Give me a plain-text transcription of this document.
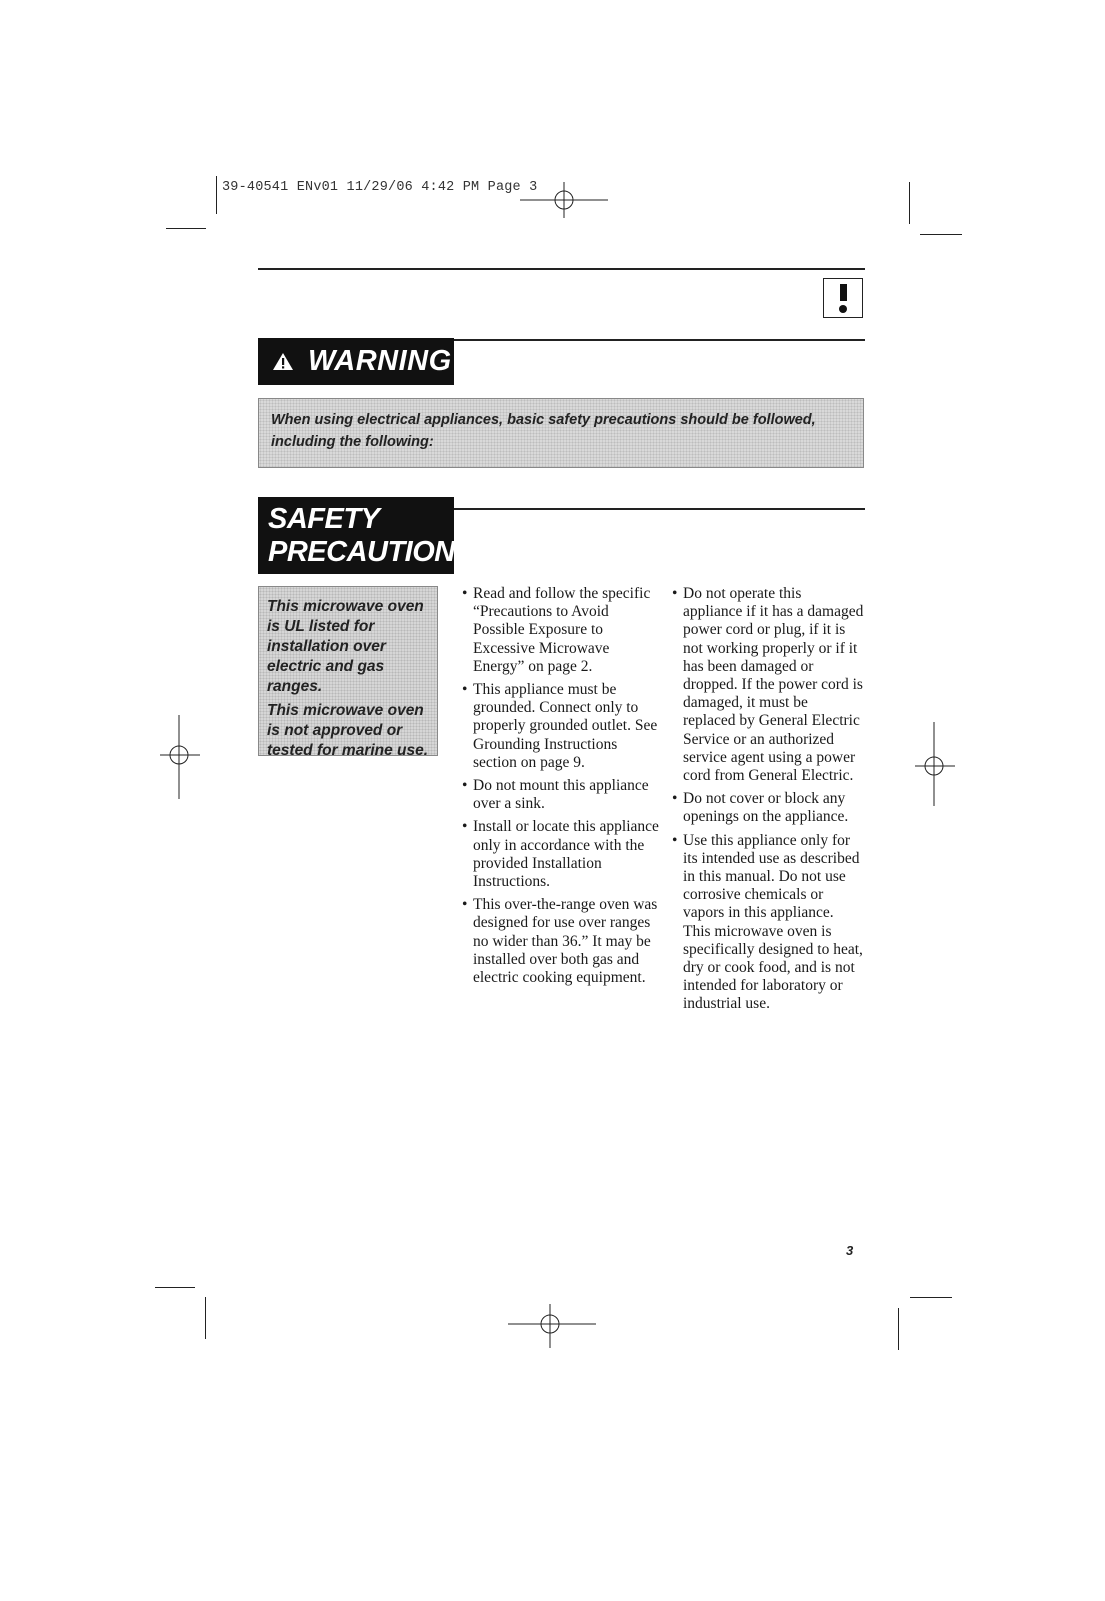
39-40541 ENv01 11/29/06 4:42 PM Page 3
WARNING
When using electrical appliances, basic safety precautions should be followed, including the following:
SAFETY
PRECAUTIONS

This microwave oven is UL listed for installation over electric and gas ranges.

This microwave oven is not approved or tested for marine use.

• Read and follow the specific “Precautions to Avoid Possible Exposure to Excessive Microwave Energy” on page 2.
• This appliance must be grounded. Connect only to properly grounded outlet. See Grounding Instructions section on page 9.
• Do not mount this appliance over a sink.
• Install or locate this appliance only in accordance with the provided Installation Instructions.
• This over-the-range oven was designed for use over ranges no wider than 36.” It may be installed over both gas and electric cooking equipment.
• Do not operate this appliance if it has a damaged power cord or plug, if it is not working properly or if it has been damaged or dropped. If the power cord is damaged, it must be replaced by General Electric Service or an authorized service agent using a power cord from General Electric.
• Do not cover or block any openings on the appliance.
• Use this appliance only for its intended use as described in this manual. Do not use corrosive chemicals or vapors in this appliance. This microwave oven is specifically designed to heat, dry or cook food, and is not intended for laboratory or industrial use.
3
